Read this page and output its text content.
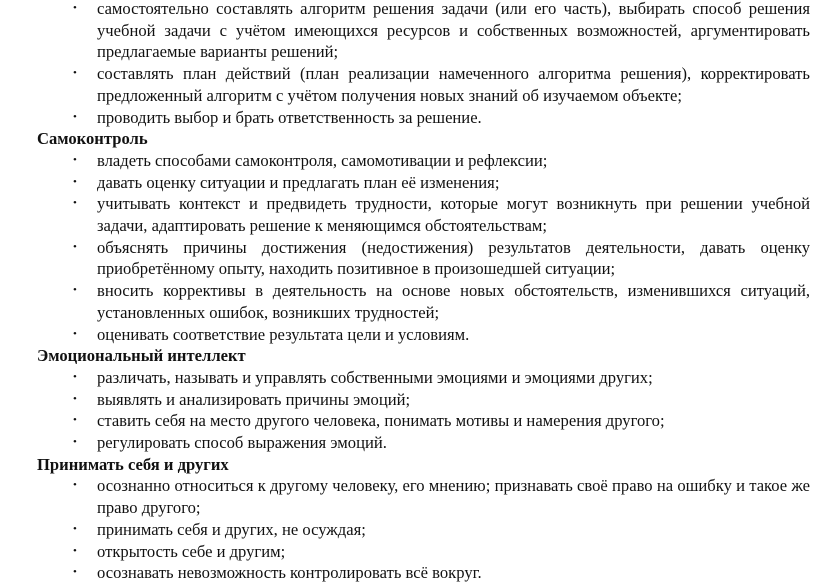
•	самостоятельно составлять алгоритм решения задачи (или его часть), выбирать способ решения учебной задачи с учётом имеющихся ресурсов и собственных возможностей, аргументировать предлагаемые варианты решений;
•	составлять план действий (план реализации намеченного алгоритма решения), корректировать предложенный алгоритм с учётом получения новых знаний об изучаемом объекте;
•	проводить выбор и брать ответственность за решение.
Самоконтроль
•	владеть способами самоконтроля, самомотивации и рефлексии;
•	давать оценку ситуации и предлагать план её изменения;
•	учитывать контекст и предвидеть трудности, которые могут возникнуть при решении учебной задачи, адаптировать решение к меняющимся обстоятельствам;
•	объяснять причины достижения (недостижения) результатов деятельности, давать оценку приобретённому опыту, находить позитивное в произошедшей ситуации;
•	вносить коррективы в деятельность на основе новых обстоятельств, изменившихся ситуаций, установленных ошибок, возникших трудностей;
•	оценивать соответствие результата цели и условиям.
Эмоциональный интеллект
•	различать, называть и управлять собственными эмоциями и эмоциями других;
•	выявлять и анализировать причины эмоций;
•	ставить себя на место другого человека, понимать мотивы и намерения другого;
•	регулировать способ выражения эмоций.
Принимать себя и других
•	осознанно относиться к другому человеку, его мнению; признавать своё право на ошибку и такое же право другого;
•	принимать себя и других, не осуждая;
•	открытость себе и другим;
•	осознавать невозможность контролировать всё вокруг.
